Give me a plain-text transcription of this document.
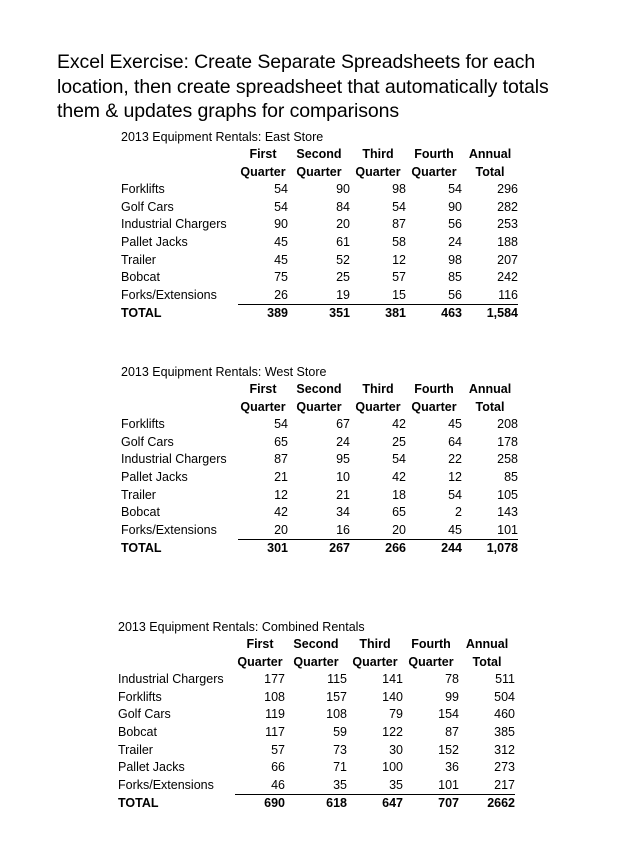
Excel Exercise: Create Separate Spreadsheets for each
location, then create spreadsheet that automatically totals
them & updates graphs for comparisons
2013 Equipment Rentals: East Store
	First	Second	Third	Fourth	Annual
	Quarter	Quarter	Quarter	Quarter	Total
Forklifts	54	90	98	54	296
Golf Cars	54	84	54	90	282
Industrial Chargers	90	20	87	56	253
Pallet Jacks	45	61	58	24	188
Trailer	45	52	12	98	207
Bobcat	75	25	57	85	242
Forks/Extensions	26	19	15	56	116
TOTAL	389	351	381	463	1,584
2013 Equipment Rentals: West Store
	First	Second	Third	Fourth	Annual
	Quarter	Quarter	Quarter	Quarter	Total
Forklifts	54	67	42	45	208
Golf Cars	65	24	25	64	178
Industrial Chargers	87	95	54	22	258
Pallet Jacks	21	10	42	12	85
Trailer	12	21	18	54	105
Bobcat	42	34	65	2	143
Forks/Extensions	20	16	20	45	101
TOTAL	301	267	266	244	1,078
2013 Equipment Rentals: Combined Rentals
	First	Second	Third	Fourth	Annual
	Quarter	Quarter	Quarter	Quarter	Total
Industrial Chargers	177	115	141	78	511
Forklifts	108	157	140	99	504
Golf Cars	119	108	79	154	460
Bobcat	117	59	122	87	385
Trailer	57	73	30	152	312
Pallet Jacks	66	71	100	36	273
Forks/Extensions	46	35	35	101	217
TOTAL	690	618	647	707	2662
